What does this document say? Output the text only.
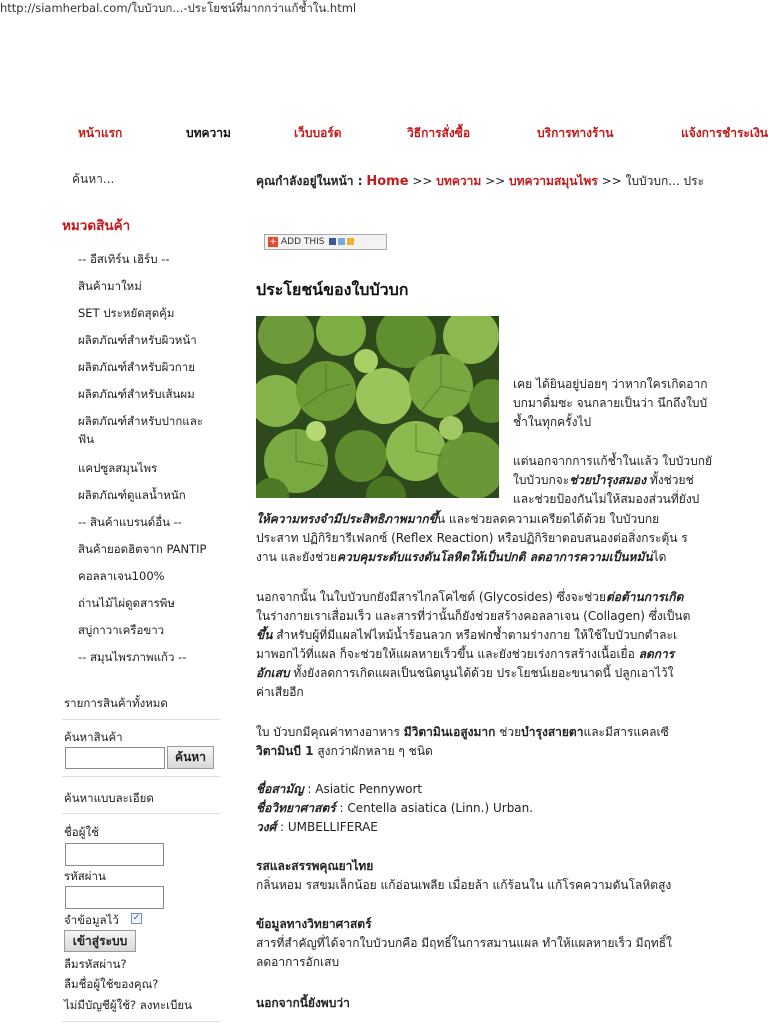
http://siamherbal.com/ใบบัวบก...-ประโยชน์ที่มากกว่าแก้ช้ำใน.html
หน้าแรก	บทความ	เว็บบอร์ด	วิธีการสั่งซื้อ	บริการทางร้าน	แจ้งการชำระเงิน
ค้นหา...
หมวดสินค้า
-- อีสเทิร์น เฮิร์บ --
สินค้ามาใหม่
SET ประหยัดสุดคุ้ม
ผลิตภัณฑ์สำหรับผิวหน้า
ผลิตภัณฑ์สำหรับผิวกาย
ผลิตภัณฑ์สำหรับเส้นผม
ผลิตภัณฑ์สำหรับปากและฟัน
แคปซูลสมุนไพร
ผลิตภัณฑ์ดูแลน้ำหนัก
-- สินค้าแบรนด์อื่น --
สินค้ายอดฮิตจาก PANTIP
คอลลาเจน100%
ถ่านไม้ไผ่ดูดสารพิษ
สบู่กาวาเครือขาว
-- สมุนไพรภาพแก้ว --
รายการสินค้าทั้งหมด
ค้นหาสินค้า
ค้นหา
ค้นหาแบบละเอียด
ชื่อผู้ใช้
รหัสผ่าน
จำข้อมูลไว้ ✓
เข้าสู่ระบบ
ลืมรหัสผ่าน?
ลืมชื่อผู้ใช้ของคุณ?
ไม่มีบัญชีผู้ใช้? ลงทะเบียน
คุณกำลังอยู่ในหน้า : Home >> บทความ >> บทความสมุนไพร >> ใบบัวบก... ประ
+ ADD THIS
ประโยชน์ของใบบัวบก
เคย ได้ยินอยู่บ่อยๆ ว่าหากใครเกิดอาก
บกมาดื่มซะ จนกลายเป็นว่า นึกถึงใบบั
ช้ำในทุกครั้งไป
แต่นอกจากการแก้ช้ำในแล้ว ใบบัวบกยั
ใบบัวบกจะช่วยบำรุงสมอง ทั้งช่วยช่
และช่วยป้องกันไม่ให้สมองส่วนที่ยังป
ให้ความทรงจำมีประสิทธิภาพมากขึ้น และช่วยลดความเครียดได้ด้วย ใบบัวบกย
ประสาท ปฏิกิริยารีเฟลกซ์ (Reflex Reaction) หรือปฏิกิริยาตอบสนองต่อสิ่งกระตุ้น ร
งาน และยังช่วยควบคุมระดับแรงดันโลหิตให้เป็นปกติ ลดอาการความเป็นหมันได
นอกจากนั้น ในใบบัวบกยังมีสารไกลโคไซด์ (Glycosides) ซึ่งจะช่วยต่อต้านการเกิด
ในร่างกายเราเสื่อมเร็ว และสารที่ว่านั้นก็ยังช่วยสร้างคอลลาเจน (Collagen) ซึ่งเป็นต
ขึ้น สำหรับผู้ที่มีแผลไฟไหม้น้ำร้อนลวก หรือฟกช้ำตามร่างกาย ให้ใช้ใบบัวบกตำละเ
มาพอกไว้ที่แผล ก็จะช่วยให้แผลหายเร็วขึ้น และยังช่วยเร่งการสร้างเนื้อเยื่อ ลดการ
อักเสบ ทั้งยังลดการเกิดแผลเป็นชนิดนูนได้ด้วย ประโยชน์เยอะขนาดนี้ ปลูกเอาไว้ใ
ค่าเสียอีก
ใบ บัวบกมีคุณค่าทางอาหาร มีวิตามินเอสูงมาก ช่วยบำรุงสายตาและมีสารแคลเซี
วิตามินบี 1 สูงกว่าผักหลาย ๆ ชนิด
ชื่อสามัญ : Asiatic Pennywort
ชื่อวิทยาศาสตร์ : Centella asiatica (Linn.) Urban.
วงศ์ : UMBELLIFERAE
รสและสรรพคุณยาไทย
กลิ่นหอม รสขมเล็กน้อย แก้อ่อนเพลีย เมื่อยล้า แก้ร้อนใน แก้โรคความดันโลหิตสูง
ข้อมูลทางวิทยาศาสตร์
สารที่สำคัญที่ได้จากใบบัวบกคือ มีฤทธิ์ในการสมานแผล ทำให้แผลหายเร็ว มีฤทธิ์ใ
ลดอาการอักเสบ
นอกจากนี้ยังพบว่า
